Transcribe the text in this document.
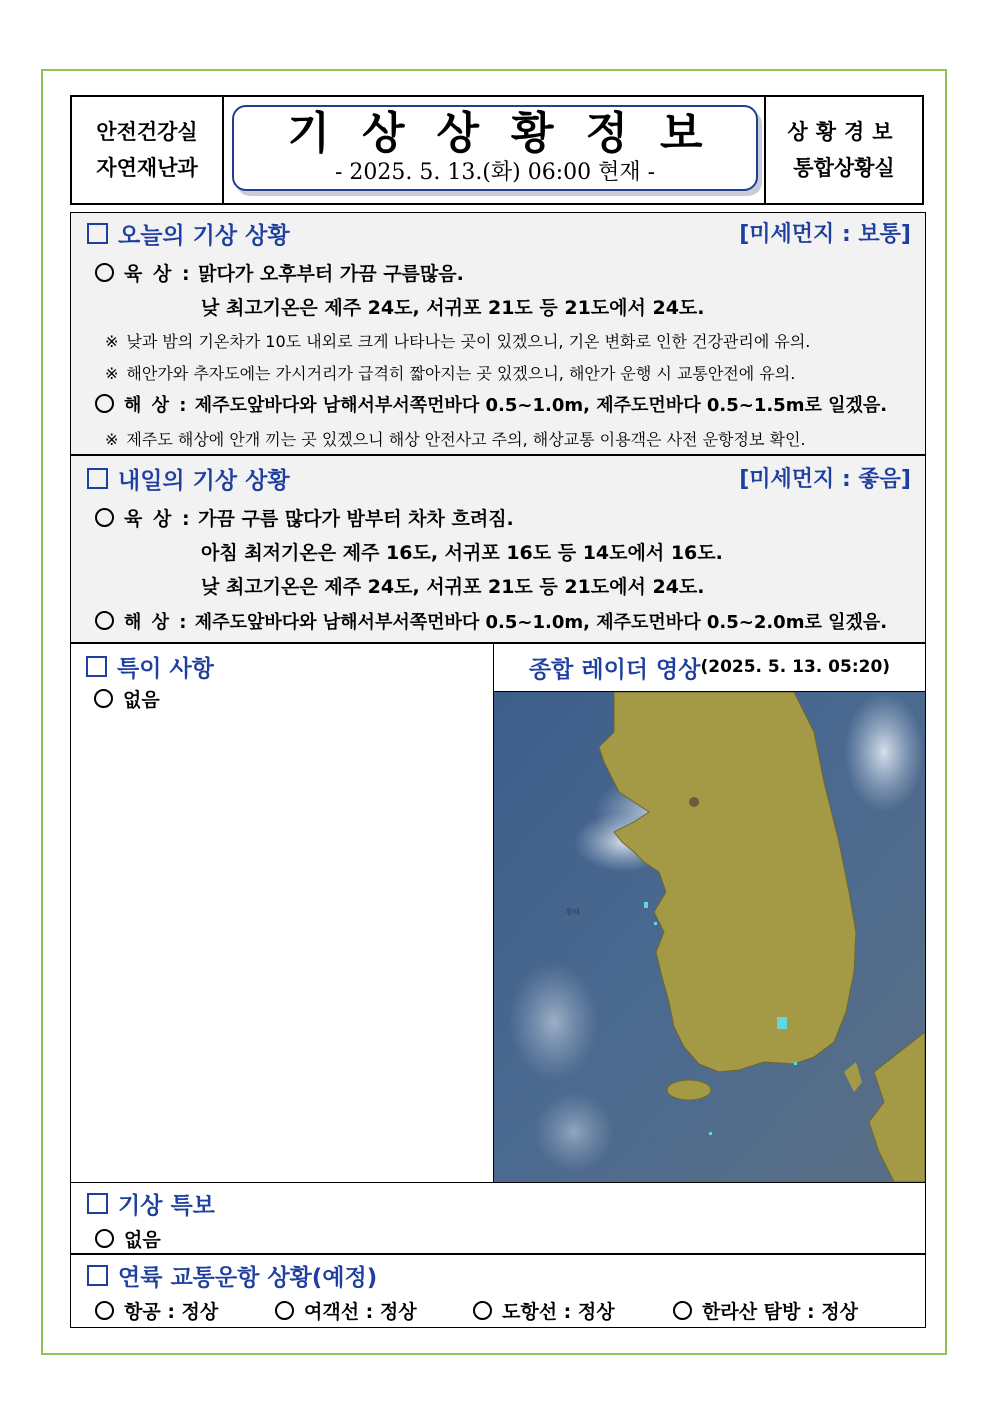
안전건강실
자연재난과
기상상황정보
- 2025. 5. 13.(화) 06:00 현재 -
상황경보
통합상황실
오늘의 기상 상황	[미세먼지 : 보통]
육 상 : 맑다가 오후부터 가끔 구름많음.
낮 최고기온은 제주 24도, 서귀포 21도 등 21도에서 24도.
※ 낮과 밤의 기온차가 10도 내외로 크게 나타나는 곳이 있겠으니, 기온 변화로 인한 건강관리에 유의.
※ 해안가와 추자도에는 가시거리가 급격히 짧아지는 곳 있겠으니, 해안가 운행 시 교통안전에 유의.
해 상 : 제주도앞바다와 남해서부서쪽먼바다 0.5~1.0m, 제주도먼바다 0.5~1.5m로 일겠음.
※ 제주도 해상에 안개 끼는 곳 있겠으니 해상 안전사고 주의, 해상교통 이용객은 사전 운항정보 확인.
내일의 기상 상황	[미세먼지 : 좋음]
육 상 : 가끔 구름 많다가 밤부터 차차 흐려짐.
아침 최저기온은 제주 16도, 서귀포 16도 등 14도에서 16도.
낮 최고기온은 제주 24도, 서귀포 21도 등 21도에서 24도.
해 상 : 제주도앞바다와 남해서부서쪽먼바다 0.5~1.0m, 제주도먼바다 0.5~2.0m로 일겠음.
특이 사항
없음
종합 레이더 영상 (2025. 5. 13. 05:20)
황해
기상 특보
없음
연륙 교통운항 상황(예정)
항공 : 정상	여객선 : 정상	도항선 : 정상	한라산 탐방 : 정상
